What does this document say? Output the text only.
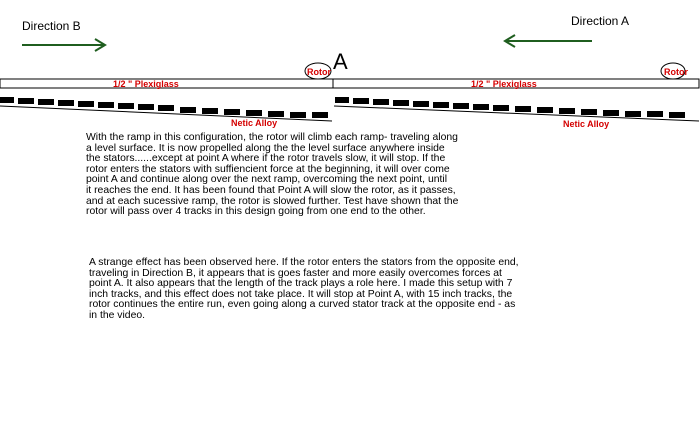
Direction B	Direction A
A
Rotor
1/2 " Plexiglass
Netic Alloy
Rotor
1/2 " Plexiglass
Netic Alloy
With the ramp in this configuration, the rotor will climb each ramp- traveling along
a level surface. It is now propelled along the the level surface anywhere inside
the stators......except at point A where if the rotor travels slow, it will stop. If the
rotor enters the stators with suffiencient force at the beginning, it will over come
point A and continue along over the next ramp, overcoming the next point, until
it reaches the end. It has been found that Point A will slow the rotor, as it passes,
and at each sucessive ramp, the rotor is slowed further. Test have shown that the
rotor will pass over 4 tracks in this design going from one end to the other.
A strange effect has been observed here. If the rotor enters the stators from the opposite end,
traveling in Direction B, it appears that is goes faster and more easily overcomes forces at
point A. It also appears that the length of the track plays a role here. I made this setup with 7
inch tracks, and this effect does not take place. It will stop at Point A, with 15 inch tracks, the
rotor continues the entire run, even going along a curved stator track at the opposite end - as
in the video.
